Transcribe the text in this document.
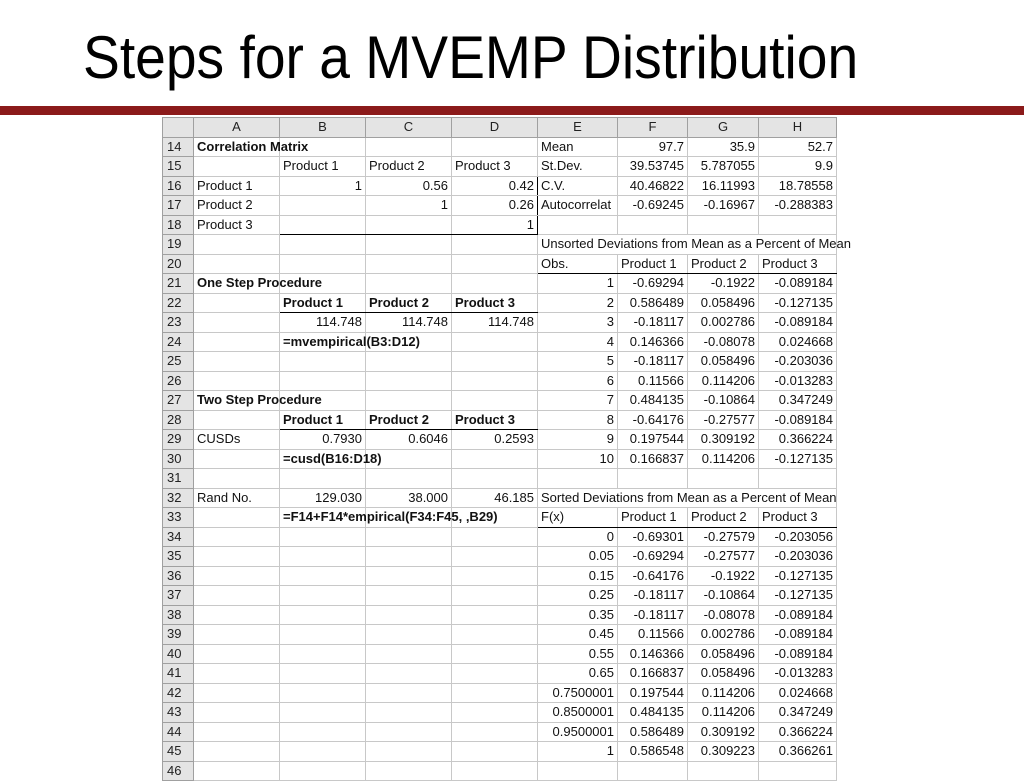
Steps for a MVEMP Distribution
	A	B	C	D	E	F	G	H
14	Correlation Matrix				Mean	97.7	35.9	52.7
15		Product 1	Product 2	Product 3	St.Dev.	39.53745	5.787055	9.9
16	Product 1	1	0.56	0.42	C.V.	40.46822	16.11993	18.78558
17	Product 2		1	0.26	Autocorrelat	-0.69245	-0.16967	-0.288383
18	Product 3			1				
19					Unsorted Deviations from Mean as a Percent of Mean			
20					Obs.	Product 1	Product 2	Product 3
21	One Step Procedure				1	-0.69294	-0.1922	-0.089184
22		Product 1	Product 2	Product 3	2	0.586489	0.058496	-0.127135
23		114.748	114.748	114.748	3	-0.18117	0.002786	-0.089184
24		=mvempirical(B3:D12)			4	0.146366	-0.08078	0.024668
25					5	-0.18117	0.058496	-0.203036
26					6	0.11566	0.114206	-0.013283
27	Two Step Procedure				7	0.484135	-0.10864	0.347249
28		Product 1	Product 2	Product 3	8	-0.64176	-0.27577	-0.089184
29	CUSDs	0.7930	0.6046	0.2593	9	0.197544	0.309192	0.366224
30		=cusd(B16:D18)			10	0.166837	0.114206	-0.127135
31								
32	Rand No.	129.030	38.000	46.185	Sorted Deviations from Mean as a Percent of Mean			
33		=F14+F14*empirical(F34:F45, ,B29)			F(x)	Product 1	Product 2	Product 3
34					0	-0.69301	-0.27579	-0.203056
35					0.05	-0.69294	-0.27577	-0.203036
36					0.15	-0.64176	-0.1922	-0.127135
37					0.25	-0.18117	-0.10864	-0.127135
38					0.35	-0.18117	-0.08078	-0.089184
39					0.45	0.11566	0.002786	-0.089184
40					0.55	0.146366	0.058496	-0.089184
41					0.65	0.166837	0.058496	-0.013283
42					0.7500001	0.197544	0.114206	0.024668
43					0.8500001	0.484135	0.114206	0.347249
44					0.9500001	0.586489	0.309192	0.366224
45					1	0.586548	0.309223	0.366261
46								
